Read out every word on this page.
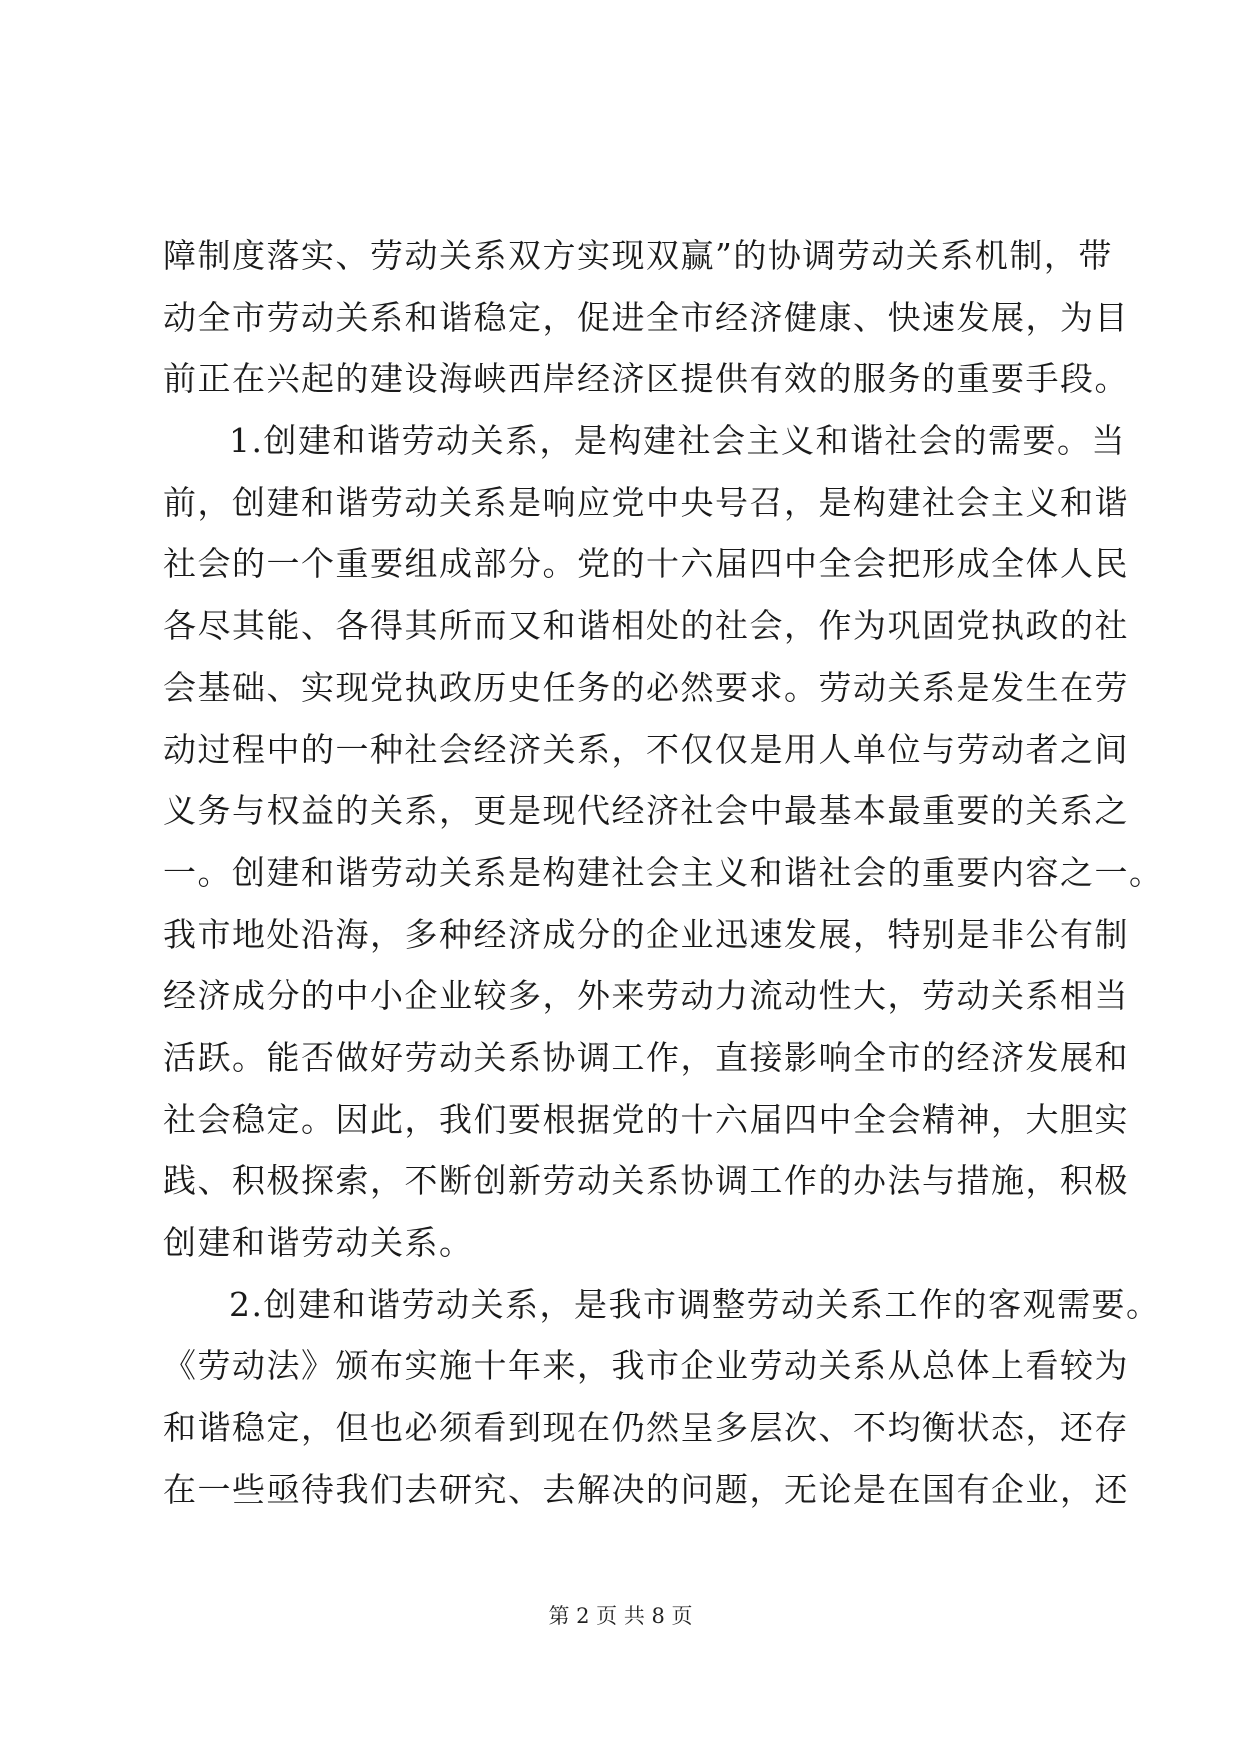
障制度落实、劳动关系双方实现双赢”的协调劳动关系机制，带
动全市劳动关系和谐稳定，促进全市经济健康、快速发展，为目
前正在兴起的建设海峡西岸经济区提供有效的服务的重要手段。
1.创建和谐劳动关系，是构建社会主义和谐社会的需要。当
前，创建和谐劳动关系是响应党中央号召，是构建社会主义和谐
社会的一个重要组成部分。党的十六届四中全会把形成全体人民
各尽其能、各得其所而又和谐相处的社会，作为巩固党执政的社
会基础、实现党执政历史任务的必然要求。劳动关系是发生在劳
动过程中的一种社会经济关系，不仅仅是用人单位与劳动者之间
义务与权益的关系，更是现代经济社会中最基本最重要的关系之
一。创建和谐劳动关系是构建社会主义和谐社会的重要内容之一。
我市地处沿海，多种经济成分的企业迅速发展，特别是非公有制
经济成分的中小企业较多，外来劳动力流动性大，劳动关系相当
活跃。能否做好劳动关系协调工作，直接影响全市的经济发展和
社会稳定。因此，我们要根据党的十六届四中全会精神，大胆实
践、积极探索，不断创新劳动关系协调工作的办法与措施，积极
创建和谐劳动关系。
2.创建和谐劳动关系，是我市调整劳动关系工作的客观需要。
《劳动法》颁布实施十年来，我市企业劳动关系从总体上看较为
和谐稳定，但也必须看到现在仍然呈多层次、不均衡状态，还存
在一些亟待我们去研究、去解决的问题，无论是在国有企业，还
第 2 页 共 8 页
